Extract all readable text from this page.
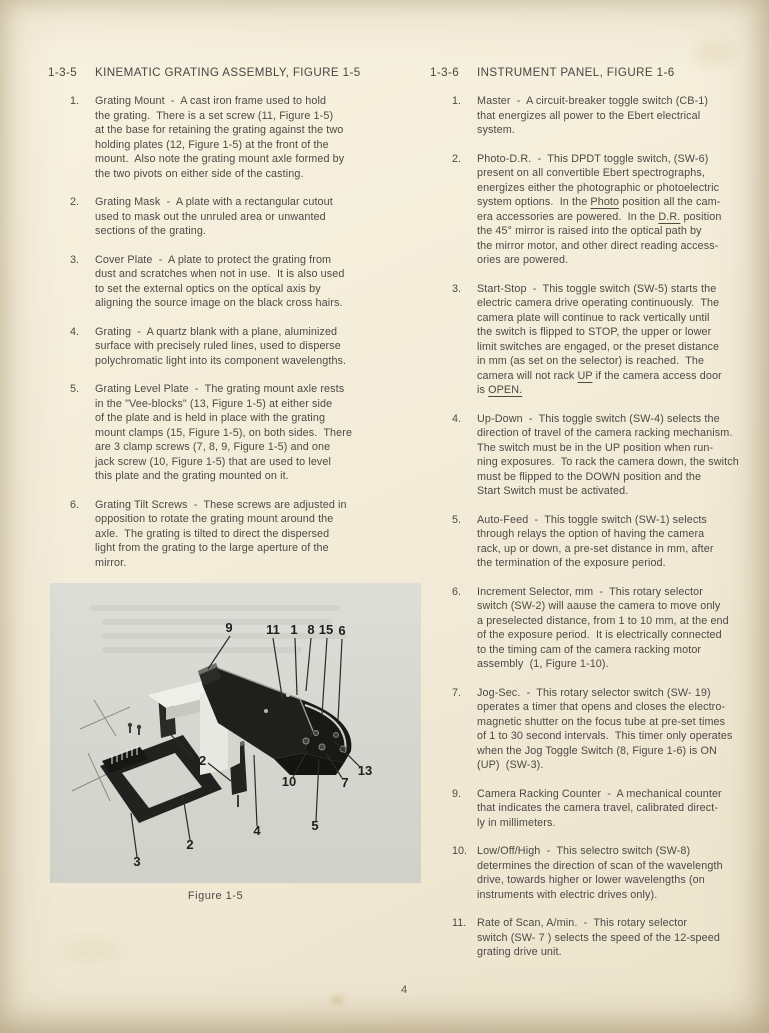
1-3-5	KINEMATIC GRATING ASSEMBLY, FIGURE 1-5
1.	Grating Mount  -  A cast iron frame used to hold
the grating.  There is a set screw (11, Figure 1-5)
at the base for retaining the grating against the two
holding plates (12, Figure 1-5) at the front of the
mount.  Also note the grating mount axle formed by
the two pivots on either side of the casting.
2.	Grating Mask  -  A plate with a rectangular cutout
used to mask out the unruled area or unwanted
sections of the grating.
3.	Cover Plate  -  A plate to protect the grating from
dust and scratches when not in use.  It is also used
to set the external optics on the optical axis by
aligning the source image on the black cross hairs.
4.	Grating  -  A quartz blank with a plane, aluminized
surface with precisely ruled lines, used to disperse
polychromatic light into its component wavelengths.
5.	Grating Level Plate  -  The grating mount axle rests
in the "Vee-blocks" (13, Figure 1-5) at either side
of the plate and is held in place with the grating
mount clamps (15, Figure 1-5), on both sides.  There
are 3 clamp screws (7, 8, 9, Figure 1-5) and one
jack screw (10, Figure 1-5) that are used to level
this plate and the grating mounted on it.
6.	Grating Tilt Screws  -  These screws are adjusted in
opposition to rotate the grating mount around the
axle.  The grating is tilted to direct the dispersed
light from the grating to the large aperture of the
mirror.
1-3-6	INSTRUMENT PANEL, FIGURE 1-6
1.	Master  -  A circuit-breaker toggle switch (CB-1)
that energizes all power to the Ebert electrical
system.
2.	Photo-D.R.  -  This DPDT toggle switch, (SW-6)
present on all convertible Ebert spectrographs,
energizes either the photographic or photoelectric
system options.  In the Photo position all the cam-
era accessories are powered.  In the D.R. position
the 45° mirror is raised into the optical path by
the mirror motor, and other direct reading access-
ories are powered.
3.	Start-Stop  -  This toggle switch (SW-5) starts the
electric camera drive operating continuously.  The
camera plate will continue to rack vertically until
the switch is flipped to STOP, the upper or lower
limit switches are engaged, or the preset distance
in mm (as set on the selector) is reached.  The
camera will not rack UP if the camera access door
is OPEN.
4.	Up-Down  -  This toggle switch (SW-4) selects the
direction of travel of the camera racking mechanism.
The switch must be in the UP position when run-
ning exposures.  To rack the camera down, the switch
must be flipped to the DOWN position and the
Start Switch must be activated.
5.	Auto-Feed  -  This toggle switch (SW-1) selects
through relays the option of having the camera
rack, up or down, a pre-set distance in mm, after
the termination of the exposure period.
6.	Increment Selector, mm  -  This rotary selector
switch (SW-2) will aause the camera to move only
a preselected distance, from 1 to 10 mm, at the end
of the exposure period.  It is electrically connected
to the timing cam of the camera racking motor
assembly  (1, Figure 1-10).
7.	Jog-Sec.  -  This rotary selector switch (SW- 19)
operates a timer that opens and closes the electro-
magnetic shutter on the focus tube at pre-set times
of 1 to 30 second intervals.  This timer only operates
when the Jog Toggle Switch (8, Figure 1-6) is ON
(UP)  (SW-3).
9.	Camera Racking Counter  -  A mechanical counter
that indicates the camera travel, calibrated direct-
ly in millimeters.
10. Low/Off/High  -  This selectro switch (SW-8)
determines the direction of scan of the wavelength
drive, towards higher or lower wavelengths (on
instruments with electric drives only).
11. Rate of Scan, A/min.  -  This rotary selector
switch (SW- 7 ) selects the speed of the 12-speed
grating drive unit.
9	11 1 8 15 6
12
10	7
13
5
4
2
3
Figure 1-5
4
